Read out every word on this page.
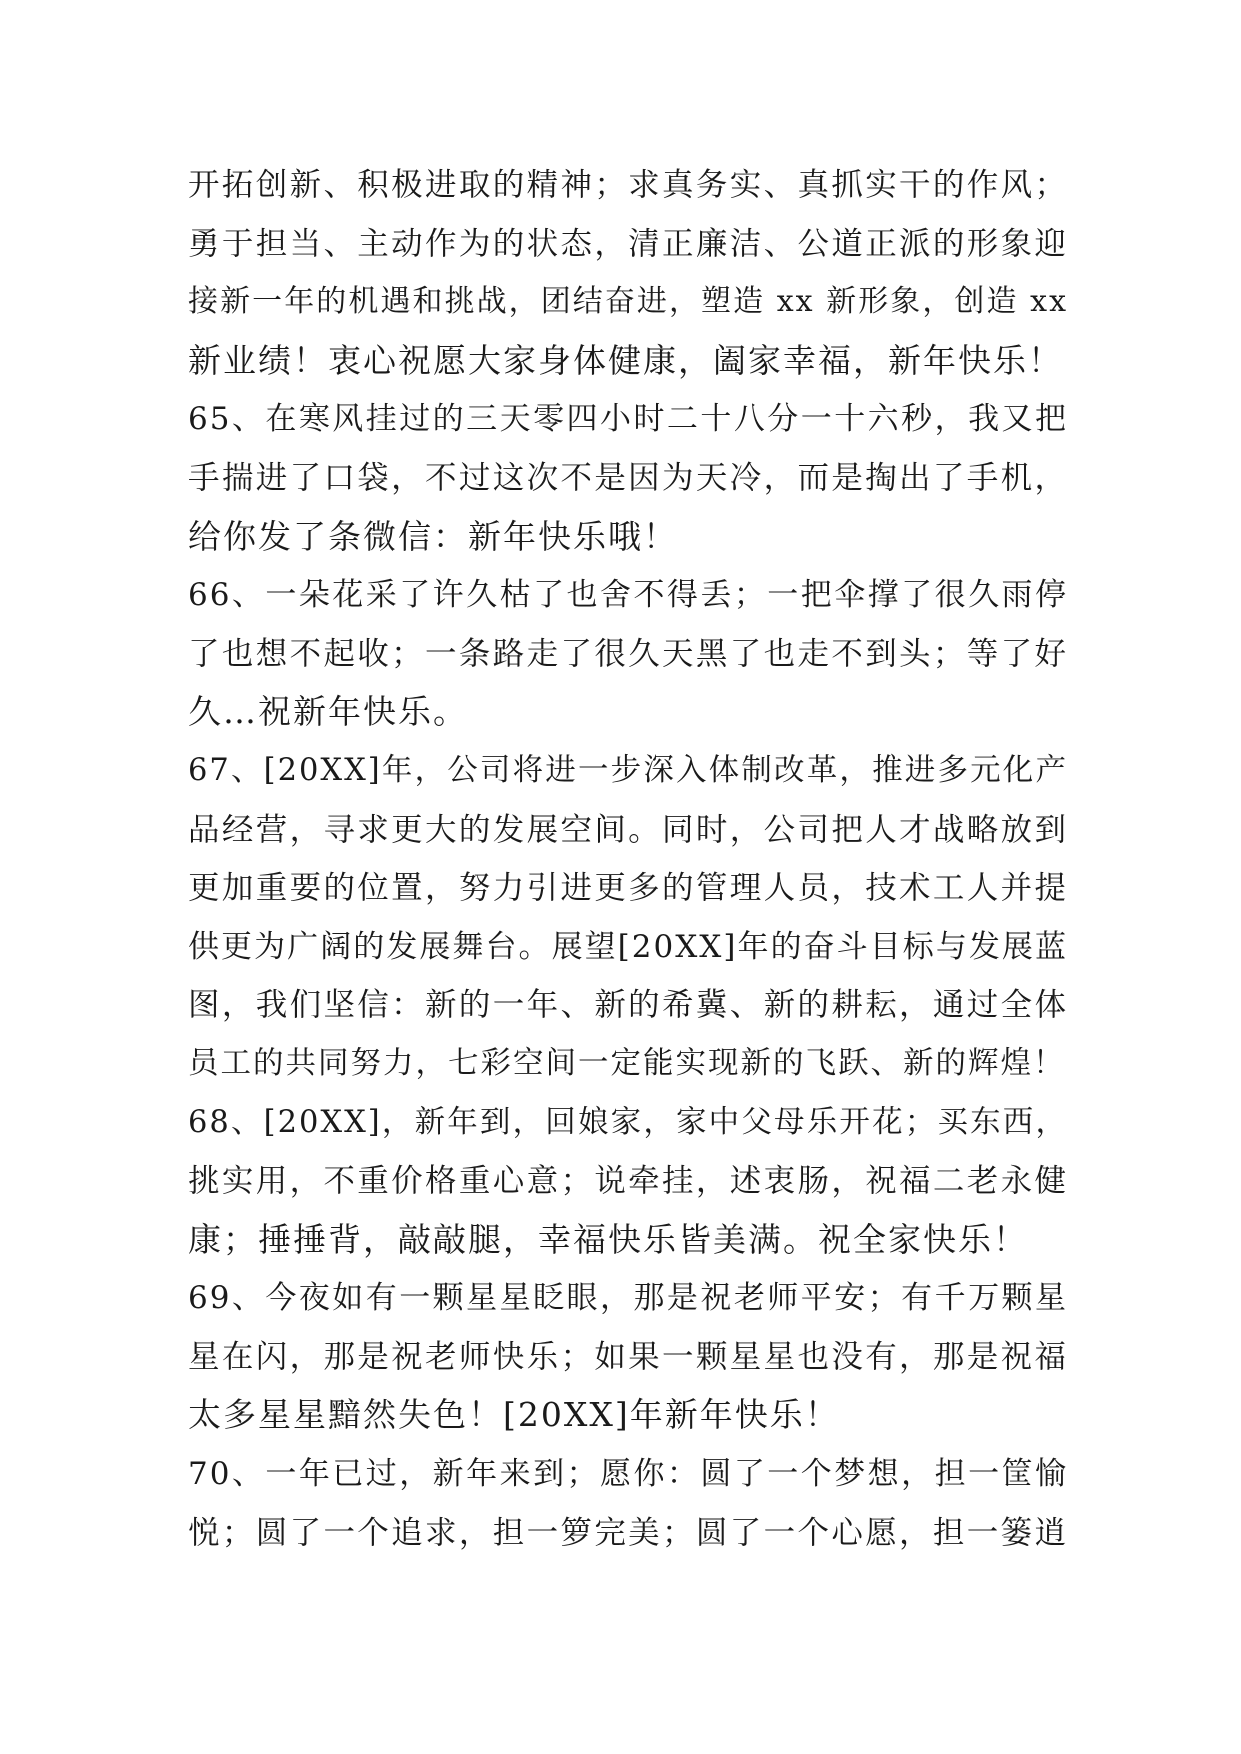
开拓创新、积极进取的精神；求真务实、真抓实干的作风；
勇于担当、主动作为的状态，清正廉洁、公道正派的形象迎
接新一年的机遇和挑战，团结奋进，塑造 xx 新形象，创造 xx
新业绩！衷心祝愿大家身体健康，阖家幸福，新年快乐！
65、在寒风挂过的三天零四小时二十八分一十六秒，我又把
手揣进了口袋，不过这次不是因为天冷，而是掏出了手机，
给你发了条微信：新年快乐哦！
66、一朵花采了许久枯了也舍不得丢；一把伞撑了很久雨停
了也想不起收；一条路走了很久天黑了也走不到头；等了好
久…祝新年快乐。
67、[20XX]年，公司将进一步深入体制改革，推进多元化产
品经营，寻求更大的发展空间。同时，公司把人才战略放到
更加重要的位置，努力引进更多的管理人员，技术工人并提
供更为广阔的发展舞台。展望[20XX]年的奋斗目标与发展蓝
图，我们坚信：新的一年、新的希冀、新的耕耘，通过全体
员工的共同努力，七彩空间一定能实现新的飞跃、新的辉煌！
68、[20XX]，新年到，回娘家，家中父母乐开花；买东西，
挑实用，不重价格重心意；说牵挂，述衷肠，祝福二老永健
康；捶捶背，敲敲腿，幸福快乐皆美满。祝全家快乐！
69、今夜如有一颗星星眨眼，那是祝老师平安；有千万颗星
星在闪，那是祝老师快乐；如果一颗星星也没有，那是祝福
太多星星黯然失色！[20XX]年新年快乐！
70、一年已过，新年来到；愿你：圆了一个梦想，担一筐愉
悦；圆了一个追求，担一箩完美；圆了一个心愿，担一篓逍
